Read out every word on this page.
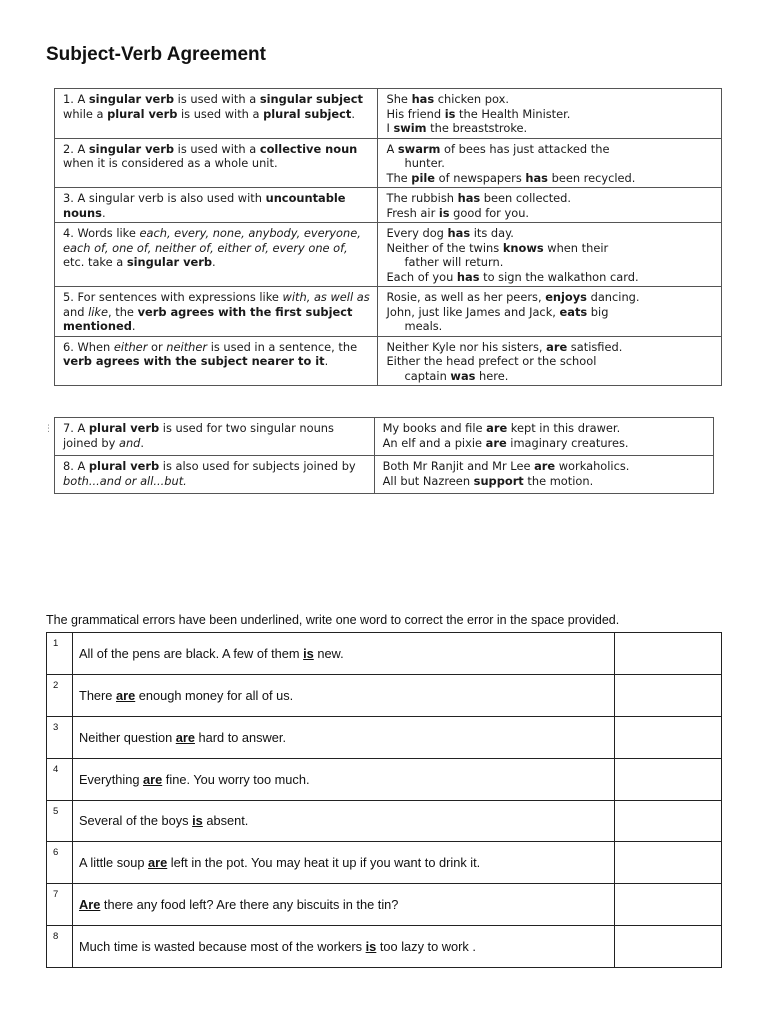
Subject-Verb Agreement
1. A singular verb is used with a singular subject while a plural verb is used with a plural subject.	She has chicken pox.
His friend is the Health Minister.
I swim the breaststroke.

2. A singular verb is used with a collective noun when it is considered as a whole unit.	A swarm of bees has just attacked the
hunter.
The pile of newspapers has been recycled.

3. A singular verb is also used with uncountable nouns.	The rubbish has been collected.
Fresh air is good for you.

4. Words like each, every, none, anybody, everyone, each of, one of, neither of, either of, every one of, etc. take a singular verb.	Every dog has its day.
Neither of the twins knows when their
father will return.
Each of you has to sign the walkathon card.

5. For sentences with expressions like with, as well as and like, the verb agrees with the first subject mentioned.	Rosie, as well as her peers, enjoys dancing.
John, just like James and Jack, eats big
meals.

6. When either or neither is used in a sentence, the verb agrees with the subject nearer to it.	Neither Kyle nor his sisters, are satisfied.
Either the head prefect or the school
captain was here.
⋮ 7. A plural verb is used for two singular nouns joined by and.	My books and file are kept in this drawer.
An elf and a pixie are imaginary creatures.

8. A plural verb is also used for subjects joined by both...and or all...but.	Both Mr Ranjit and Mr Lee are workaholics.
All but Nazreen support the motion.
The grammatical errors have been underlined, write one word to correct the error in the space provided.
1	All of the pens are black. A few of them is new.	
2	There are enough money for all of us.	
3	Neither question are hard to answer.	
4	Everything are fine. You worry too much.	
5	Several of the boys is absent.	
6	A little soup are left in the pot. You may heat it up if you want to drink it.	
7	Are there any food left? Are there any biscuits in the tin?	
8	Much time is wasted because most of the workers is too lazy to work .	
